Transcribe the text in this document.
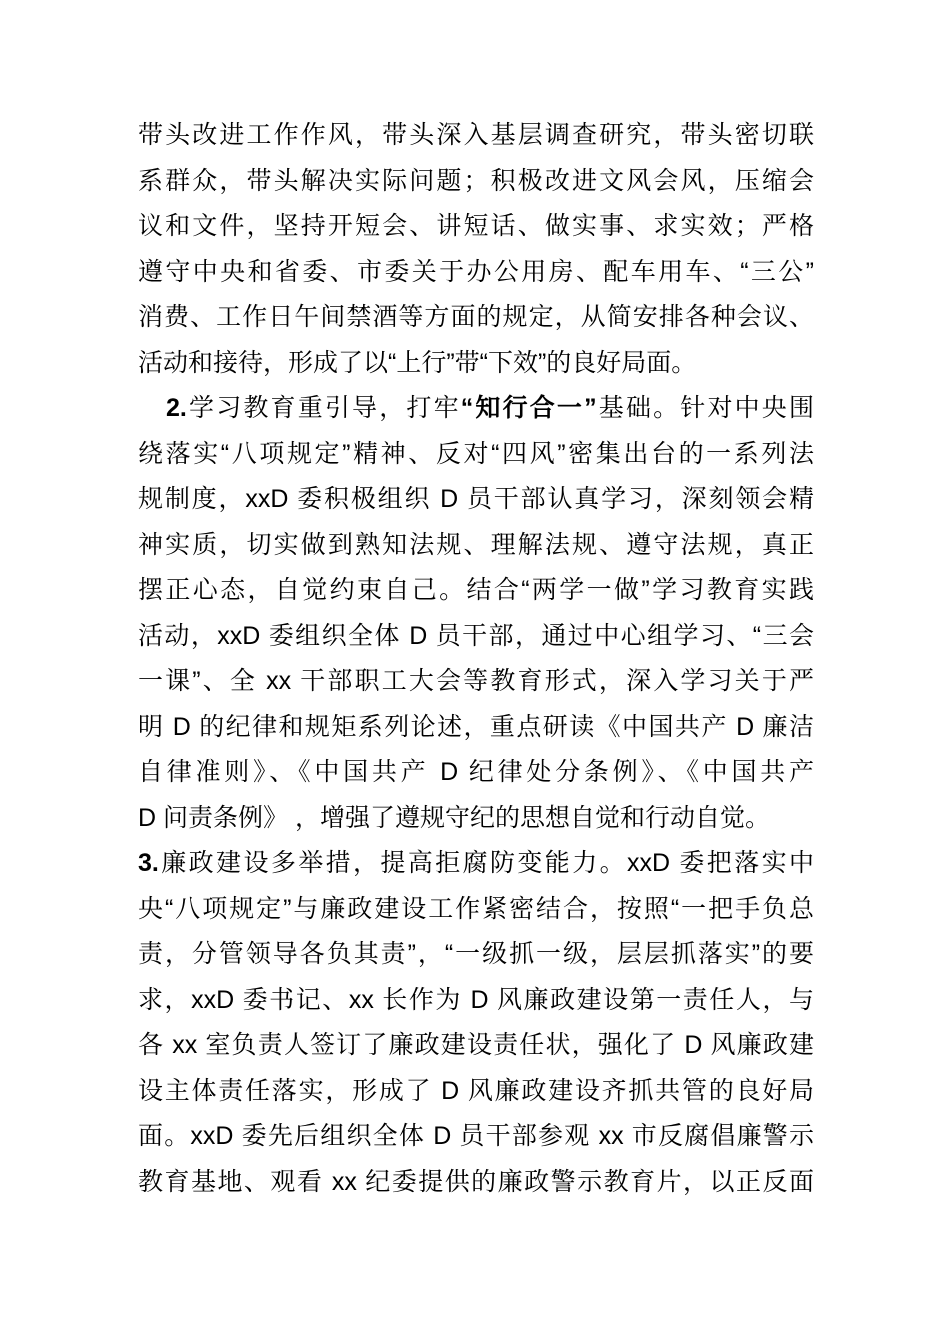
带头改进工作作风，带头深入基层调查研究，带头密切联
系群众，带头解决实际问题；积极改进文风会风，压缩会
议和文件，坚持开短会、讲短话、做实事、求实效；严格
遵守中央和省委、市委关于办公用房、配车用车、“三公”
消费、工作日午间禁酒等方面的规定，从简安排各种会议、
活动和接待，形成了以“上行”带“下效”的良好局面。
2.学习教育重引导，打牢“知行合一”基础。针对中央围
绕落实“八项规定”精神、反对“四风”密集出台的一系列法
规制度，xxD 委积极组织 D 员干部认真学习，深刻领会精
神实质，切实做到熟知法规、理解法规、遵守法规，真正
摆正心态，自觉约束自己。结合“两学一做”学习教育实践
活动，xxD 委组织全体 D 员干部，通过中心组学习、“三会
一课”、全 xx 干部职工大会等教育形式，深入学习关于严
明 D 的纪律和规矩系列论述，重点研读《中国共产 D 廉洁
自律准则》、《中国共产 D 纪律处分条例》、《中国共产
D 问责条例》 ，增强了遵规守纪的思想自觉和行动自觉。
3.廉政建设多举措，提高拒腐防变能力。xxD 委把落实中
央“八项规定”与廉政建设工作紧密结合，按照“一把手负总
责，分管领导各负其责”，“一级抓一级，层层抓落实”的要
求，xxD 委书记、xx 长作为 D 风廉政建设第一责任人，与
各 xx 室负责人签订了廉政建设责任状，强化了 D 风廉政建
设主体责任落实，形成了 D 风廉政建设齐抓共管的良好局
面。xxD 委先后组织全体 D 员干部参观 xx 市反腐倡廉警示
教育基地、观看 xx 纪委提供的廉政警示教育片，以正反面
